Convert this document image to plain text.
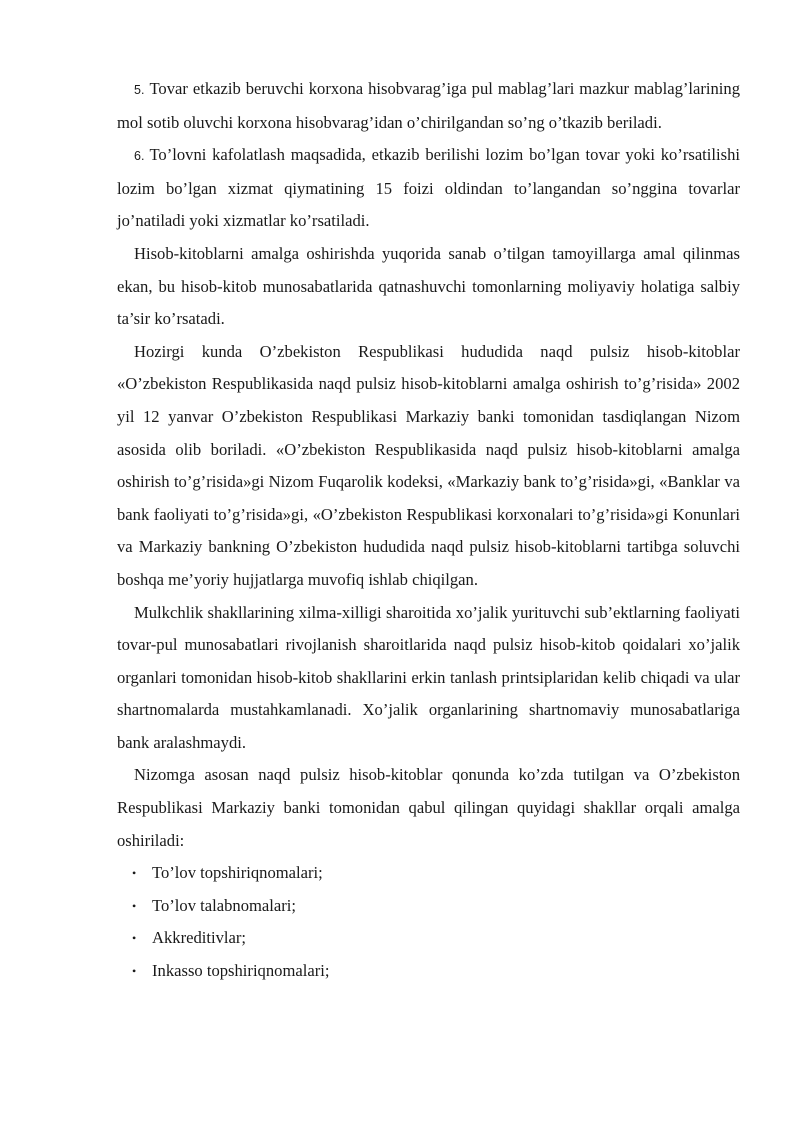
5. Tovar etkazib beruvchi korxona hisobvarag’iga pul mablag’lari mazkur mablag’larining mol sotib oluvchi korxona hisobvarag’idan o’chirilgandan so’ng o’tkazib beriladi.

6. To’lovni kafolatlash maqsadida, etkazib berilishi lozim bo’lgan tovar yoki ko’rsatilishi lozim bo’lgan xizmat qiymatining 15 foizi oldindan to’langandan so’nggina tovarlar jo’natiladi yoki xizmatlar ko’rsatiladi.

Hisob-kitoblarni amalga oshirishda yuqorida sanab o’tilgan tamoyillarga amal qilinmas ekan, bu hisob-kitob munosabatlarida qatnashuvchi tomonlarning moliyaviy holatiga salbiy ta’sir ko’rsatadi.

Hozirgi kunda O’zbekiston Respublikasi hududida naqd pulsiz hisob-kitoblar «O’zbekiston Respublikasida naqd pulsiz hisob-kitoblarni amalga oshirish to’g’risida» 2002 yil 12 yanvar O’zbekiston Respublikasi Markaziy banki tomonidan tasdiqlangan Nizom asosida olib boriladi. «O’zbekiston Respublikasida naqd pulsiz hisob-kitoblarni amalga oshirish to’g’risida»gi Nizom Fuqarolik kodeksi, «Markaziy bank to’g’risida»gi, «Banklar va bank faoliyati to’g’risida»gi, «O’zbekiston Respublikasi korxonalari to’g’risida»gi Konunlari va Markaziy bankning O’zbekiston hududida naqd pulsiz hisob-kitoblarni tartibga soluvchi boshqa me’yoriy hujjatlarga muvofiq ishlab chiqilgan.

Mulkchlik shakllarining xilma-xilligi sharoitida xo’jalik yurituvchi sub’ektlarning faoliyati tovar-pul munosabatlari rivojlanish sharoitlarida naqd pulsiz hisob-kitob qoidalari xo’jalik organlari tomonidan hisob-kitob shakllarini erkin tanlash printsiplaridan kelib chiqadi va ular shartnomalarda mustahkamlanadi. Xo’jalik organlarining shartnomaviy munosabatlariga bank aralashmaydi.

Nizomga asosan naqd pulsiz hisob-kitoblar qonunda ko’zda tutilgan va O’zbekiston Respublikasi Markaziy banki tomonidan qabul qilingan quyidagi shakllar orqali amalga oshiriladi:

• To’lov topshiriqnomalari;
• To’lov talabnomalari;
• Akkreditivlar;
• Inkasso topshiriqnomalari;
